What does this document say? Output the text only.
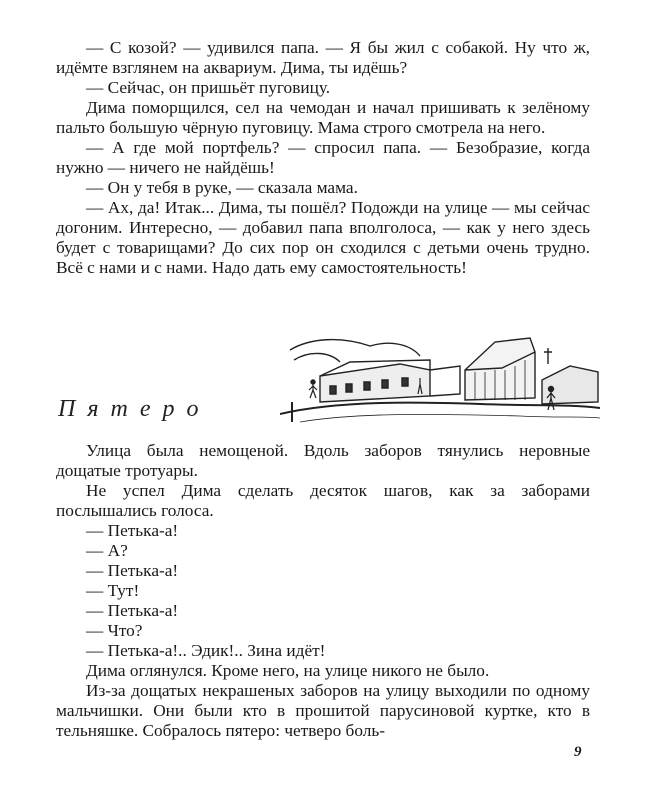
— С козой? — удивился папа. — Я бы жил с собакой. Ну что ж, идёмте взглянем на аквариум. Дима, ты идёшь?

— Сейчас, он пришьёт пуговицу.

Дима поморщился, сел на чемодан и начал пришивать к зелёному пальто большую чёрную пуговицу. Мама строго смотрела на него.

— А где мой портфель? — спросил папа. — Безобразие, когда нужно — ничего не найдёшь!

— Он у тебя в руке, — сказала мама.

— Ах, да! Итак... Дима, ты пошёл? Подожди на улице — мы сейчас догоним. Интересно, — добавил папа вполголоса, — как у него здесь будет с товарищами? До сих пор он сходился с детьми очень трудно. Всё с нами и с нами. Надо дать ему самостоятельность!

Пятеро

Улица была немощеной. Вдоль заборов тянулись неровные дощатые тротуары.

Не успел Дима сделать десяток шагов, как за заборами послышались голоса.

— Петька-а!

— А?

— Петька-а!

— Тут!

— Петька-а!

— Что?

— Петька-а!.. Эдик!.. Зина идёт!

Дима оглянулся. Кроме него, на улице никого не было.

Из-за дощатых некрашеных заборов на улицу выходили по одному мальчишки. Они были кто в прошитой парусиновой куртке, кто в тельняшке. Собралось пятеро: четверо боль-

9
